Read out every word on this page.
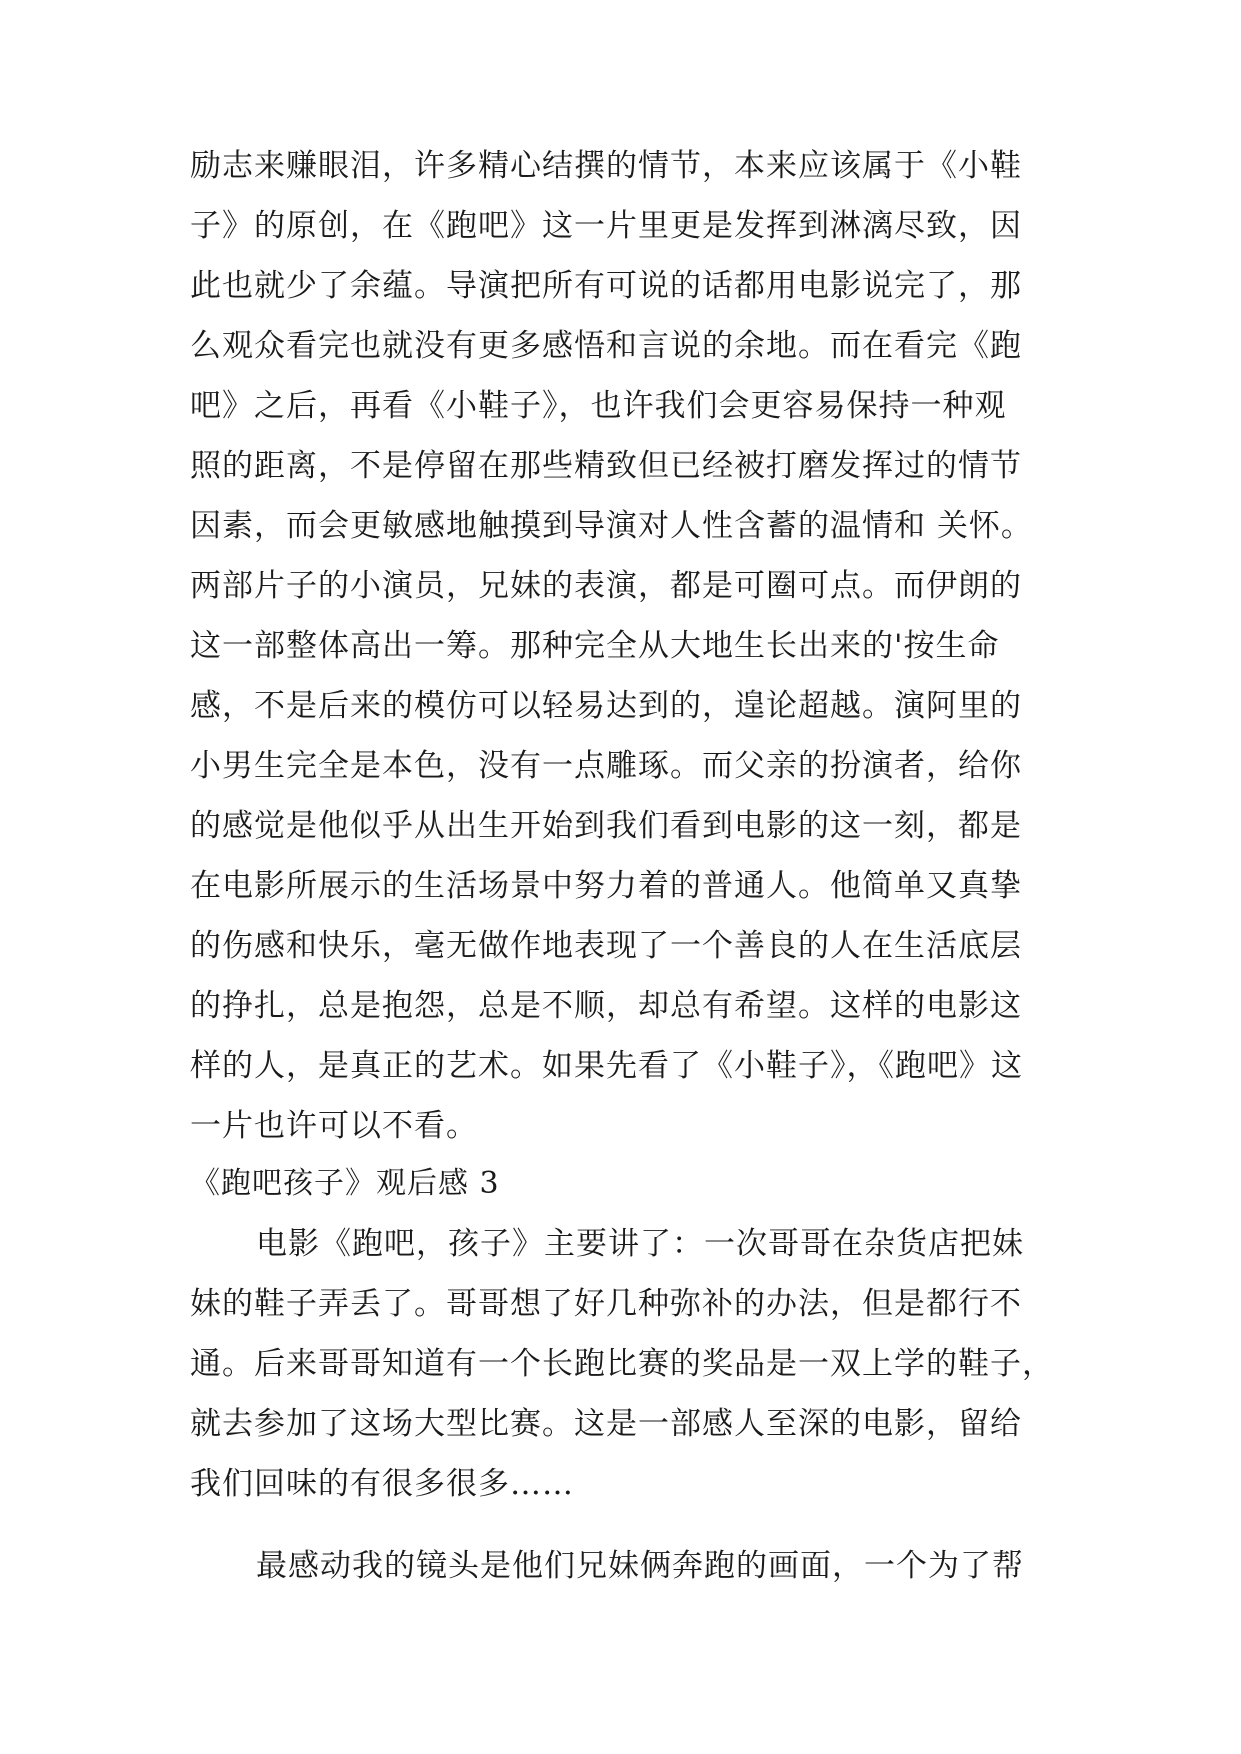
励志来赚眼泪，许多精心结撰的情节，本来应该属于《小鞋
子》的原创，在《跑吧》这一片里更是发挥到淋漓尽致，因
此也就少了余蕴。导演把所有可说的话都用电影说完了，那
么观众看完也就没有更多感悟和言说的余地。而在看完《跑
吧》之后，再看《小鞋子》，也许我们会更容易保持一种观
照的距离，不是停留在那些精致但已经被打磨发挥过的情节
因素，而会更敏感地触摸到导演对人性含蓄的温情和 关怀。
两部片子的小演员，兄妹的表演，都是可圈可点。而伊朗的
这一部整体高出一筹。那种完全从大地生长出来的'按生命
感，不是后来的模仿可以轻易达到的，遑论超越。演阿里的
小男生完全是本色，没有一点雕琢。而父亲的扮演者，给你
的感觉是他似乎从出生开始到我们看到电影的这一刻，都是
在电影所展示的生活场景中努力着的普通人。他简单又真挚
的伤感和快乐，毫无做作地表现了一个善良的人在生活底层
的挣扎，总是抱怨，总是不顺，却总有希望。这样的电影这
样的人，是真正的艺术。如果先看了《小鞋子》，《跑吧》这
一片也许可以不看。
《跑吧孩子》观后感 3
电影《跑吧，孩子》主要讲了：一次哥哥在杂货店把妹
妹的鞋子弄丢了。哥哥想了好几种弥补的办法，但是都行不
通。后来哥哥知道有一个长跑比赛的奖品是一双上学的鞋子，
就去参加了这场大型比赛。这是一部感人至深的电影，留给
我们回味的有很多很多……
最感动我的镜头是他们兄妹俩奔跑的画面，一个为了帮
